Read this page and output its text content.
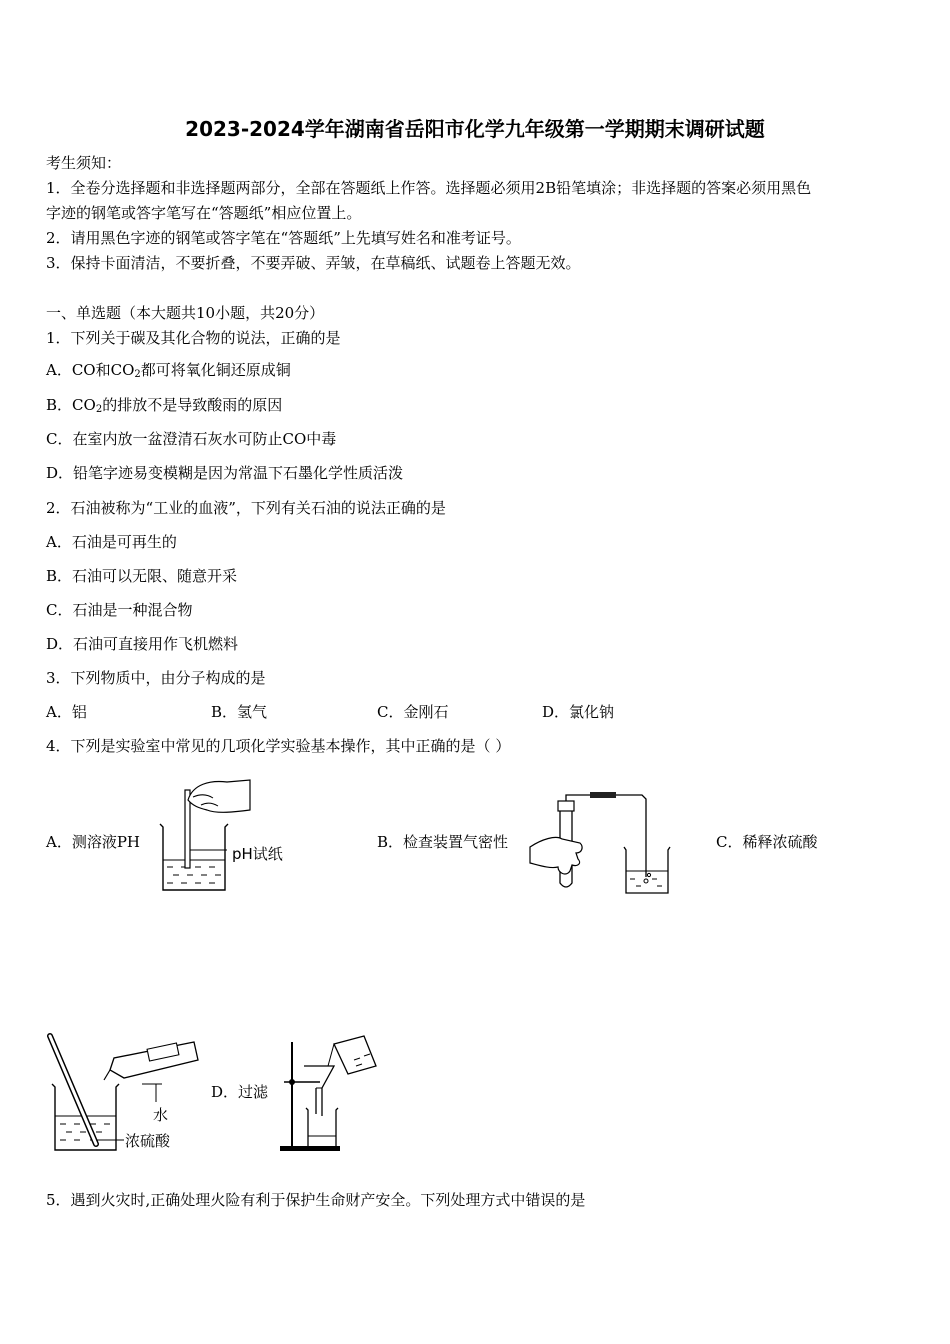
2023-2024学年湖南省岳阳市化学九年级第一学期期末调研试题
考生须知：
1．全卷分选择题和非选择题两部分，全部在答题纸上作答。选择题必须用2B铅笔填涂；非选择题的答案必须用黑色
字迹的钢笔或答字笔写在“答题纸”相应位置上。
2．请用黑色字迹的钢笔或答字笔在“答题纸”上先填写姓名和准考证号。
3．保持卡面清洁，不要折叠，不要弄破、弄皱，在草稿纸、试题卷上答题无效。
一、单选题（本大题共10小题，共20分）
1．下列关于碳及其化合物的说法，正确的是
A．CO和$CO_2$都可将氧化铜还原成铜
B．$CO_2$的排放不是导致酸雨的原因
C．在室内放一盆澄清石灰水可防止CO中毒
D．铅笔字迹易变模糊是因为常温下石墨化学性质活泼
2．石油被称为“工业的血液”，下列有关石油的说法正确的是
A．石油是可再生的
B．石油可以无限、随意开采
C．石油是一种混合物
D．石油可直接用作飞机燃料
3．下列物质中，由分子构成的是
A．铝	B．氢气	C．金刚石	D．氯化钠
4．下列是实验室中常见的几项化学实验基本操作，其中正确的是（ ）
A．测溶液PH
pH试纸
B．检查装置气密性	C．稀释浓硫酸
水
浓硫酸
D．过滤
5．遇到火灾时,正确处理火险有利于保护生命财产安全。下列处理方式中错误的是
